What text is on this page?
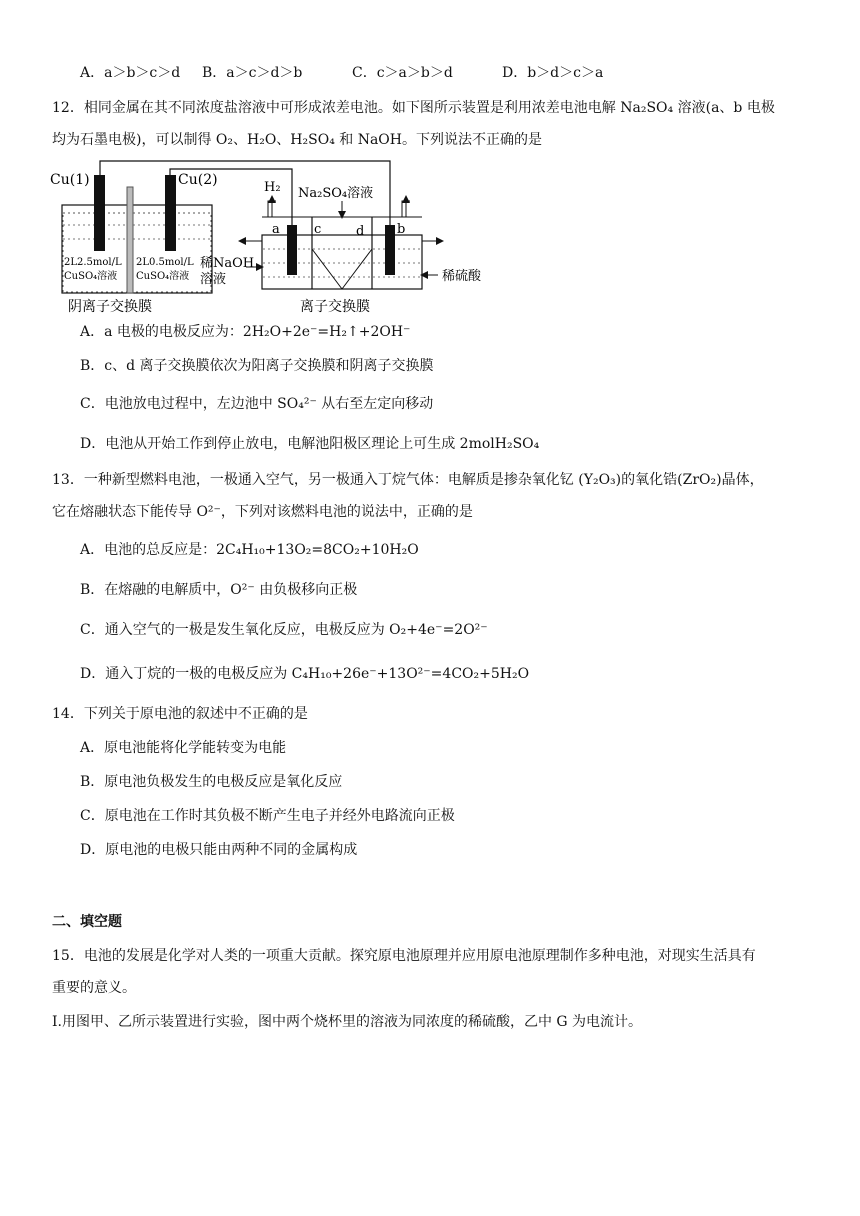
A．a＞b＞c＞d B．a＞c＞d＞b	C．c＞a＞b＞d	D．b＞d＞c＞a
12．相同金属在其不同浓度盐溶液中可形成浓差电池。如下图所示装置是利用浓差电池电解 Na₂SO₄ 溶液(a、b 电极
均为石墨电极)，可以制得 O₂、H₂O、H₂SO₄ 和 NaOH。下列说法不正确的是
Cu(1)	Cu(2)
2L2.5mol/L
CuSO₄溶液
2L0.5mol/L
CuSO₄溶液
阴离子交换膜
H₂ Na₂SO₄溶液
a	c	d	b
稀NaOH
溶液	稀硫酸
离子交换膜
A．a 电极的电极反应为：2H₂O+2e⁻=H₂↑+2OH⁻
B．c、d 离子交换膜依次为阳离子交换膜和阴离子交换膜
C．电池放电过程中，左边池中 SO₄²⁻ 从右至左定向移动
D．电池从开始工作到停止放电，电解池阳极区理论上可生成 2molH₂SO₄
13．一种新型燃料电池，一极通入空气，另一极通入丁烷气体：电解质是掺杂氧化钇 (Y₂O₃)的氧化锆(ZrO₂)晶体，
它在熔融状态下能传导 O²⁻，下列对该燃料电池的说法中，正确的是
A．电池的总反应是：2C₄H₁₀+13O₂=8CO₂+10H₂O
B．在熔融的电解质中，O²⁻ 由负极移向正极
C．通入空气的一极是发生氧化反应，电极反应为 O₂+4e⁻=2O²⁻
D．通入丁烷的一极的电极反应为 C₄H₁₀+26e⁻+13O²⁻=4CO₂+5H₂O
14．下列关于原电池的叙述中不正确的是
A．原电池能将化学能转变为电能
B．原电池负极发生的电极反应是氧化反应
C．原电池在工作时其负极不断产生电子并经外电路流向正极
D．原电池的电极只能由两种不同的金属构成
二、填空题
15．电池的发展是化学对人类的一项重大贡献。探究原电池原理并应用原电池原理制作多种电池，对现实生活具有
重要的意义。
I.用图甲、乙所示装置进行实验，图中两个烧杯里的溶液为同浓度的稀硫酸，乙中 G 为电流计。
